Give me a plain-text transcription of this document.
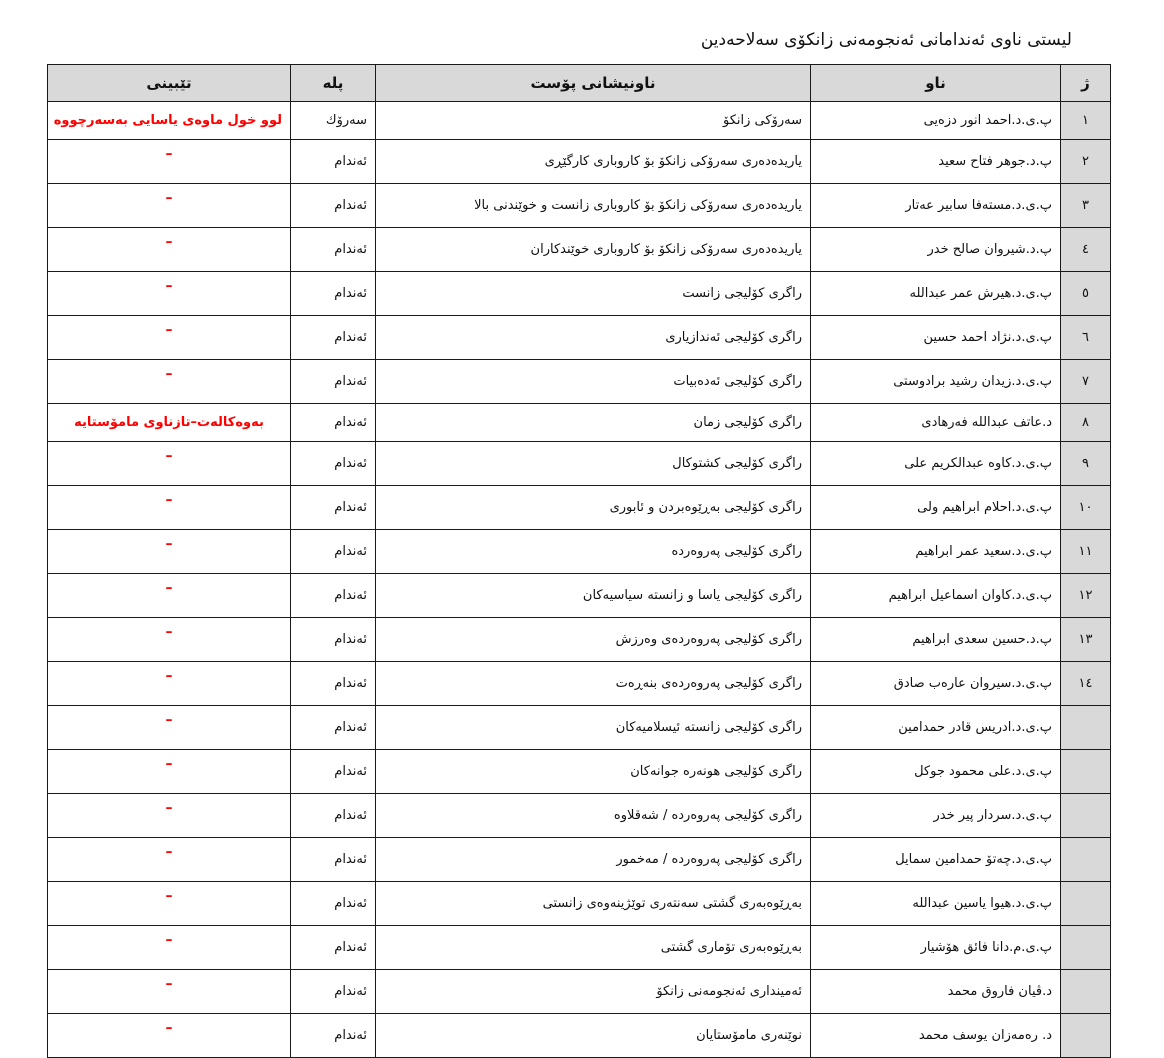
لیستی ناوی ئەندامانی ئەنجومەنی زانکۆی سەلاحەدین
ژ	ناو	ناونیشانی پۆست	پلە	تێبینی
١	پ.ی.د.احمد انور دزەیی	سەرۆکی زانکۆ	سەرۆك	لوو خول ماوەی یاسایی بەسەرچووە
٢	پ.د.جوهر فتاح سعید	یاریدەدەری سەرۆکی زانکۆ بۆ کاروباری کارگێڕی	ئەندام	–
٣	پ.ی.د.مستەفا سابیر عەتار	یاریدەدەری سەرۆکی زانکۆ بۆ کاروباری زانست و خوێندنی بالا	ئەندام	–
٤	پ.د.شیروان صالح خدر	یاریدەدەری سەرۆکی زانکۆ بۆ کاروباری خوێندکاران	ئەندام	–
٥	پ.ی.د.هیرش عمر عبدالله	راگری کۆلیجی زانست	ئەندام	–
٦	پ.ی.د.نژاد احمد حسین	راگری کۆلیجی ئەندازیاری	ئەندام	–
٧	پ.ی.د.زیدان رشید برادوستی	راگری کۆلیجی ئەدەبیات	ئەندام	–
٨	د.عاتف عبدالله فەرهادی	راگری کۆلیجی زمان	ئەندام	بەوەکالەت–تازناوی مامۆستایە
٩	پ.ی.د.کاوە عبدالکریم علی	راگری کۆلیجی کشتوکال	ئەندام	–
١٠	پ.ی.د.احلام ابراهیم ولی	راگری کۆلیجی بەڕێوەبردن و ئابوری	ئەندام	–
١١	پ.ی.د.سعید عمر ابراهیم	راگری کۆلیجی پەروەردە	ئەندام	–
١٢	پ.ی.د.کاوان اسماعیل ابراهیم	راگری کۆلیجی یاسا و زانستە سیاسیەکان	ئەندام	–
١٣	پ.د.حسین سعدی ابراهیم	راگری کۆلیجی پەروەردەی وەرزش	ئەندام	–
١٤	پ.ی.د.سیروان عارەب صادق	راگری کۆلیجی پەروەردەی بنەڕەت	ئەندام	–
	پ.ی.د.ادریس قادر حمدامین	راگری کۆلیجی زانستە ئیسلامیەکان	ئەندام	–
	پ.ی.د.علی محمود جوکل	راگری کۆلیجی هونەرە جوانەکان	ئەندام	–
	پ.ی.د.سردار پیر خدر	راگری کۆلیجی پەروەردە / شەقلاوە	ئەندام	–
	پ.ی.د.چەتۆ حمدامین سمایل	راگری کۆلیجی پەروەردە / مەخمور	ئەندام	–
	پ.ی.د.هیوا یاسین عبدالله	بەڕێوەبەری گشتی سەنتەری توێژینەوەی زانستی	ئەندام	–
	پ.ی.م.دانا فائق هۆشیار	بەڕێوەبەری تۆماری گشتی	ئەندام	–
	د.ڤیان فاروق محمد	ئەمینداری ئەنجومەنی زانکۆ	ئەندام	–
	د. رەمەزان یوسف محمد	نوێنەری مامۆستایان	ئەندام	–
